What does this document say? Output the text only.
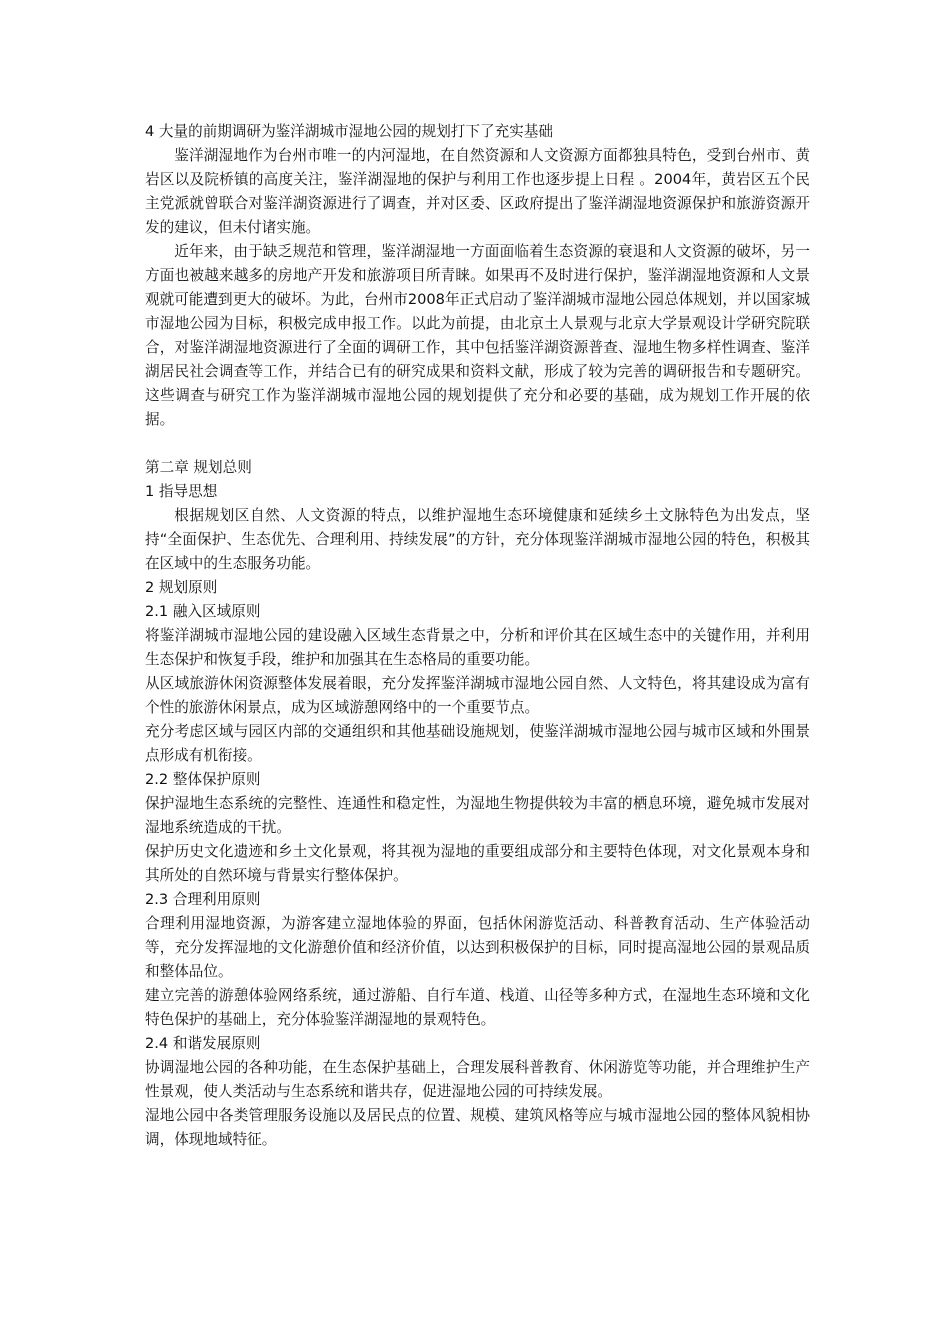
4 大量的前期调研为鉴洋湖城市湿地公园的规划打下了充实基础

鉴洋湖湿地作为台州市唯一的内河湿地，在自然资源和人文资源方面都独具特色，受到台州市、黄岩区以及院桥镇的高度关注，鉴洋湖湿地的保护与利用工作也逐步提上日程 。2004年，黄岩区五个民主党派就曾联合对鉴洋湖资源进行了调查，并对区委、区政府提出了鉴洋湖湿地资源保护和旅游资源开发的建议，但未付诸实施。

近年来，由于缺乏规范和管理，鉴洋湖湿地一方面面临着生态资源的衰退和人文资源的破坏，另一方面也被越来越多的房地产开发和旅游项目所青睐。如果再不及时进行保护，鉴洋湖湿地资源和人文景观就可能遭到更大的破坏。为此，台州市2008年正式启动了鉴洋湖城市湿地公园总体规划，并以国家城市湿地公园为目标，积极完成申报工作。以此为前提，由北京土人景观与北京大学景观设计学研究院联合，对鉴洋湖湿地资源进行了全面的调研工作，其中包括鉴洋湖资源普查、湿地生物多样性调查、鉴洋湖居民社会调查等工作，并结合已有的研究成果和资料文献，形成了较为完善的调研报告和专题研究。这些调查与研究工作为鉴洋湖城市湿地公园的规划提供了充分和必要的基础，成为规划工作开展的依据。

第二章 规划总则

1 指导思想

根据规划区自然、人文资源的特点，以维护湿地生态环境健康和延续乡土文脉特色为出发点，坚持“全面保护、生态优先、合理利用、持续发展”的方针，充分体现鉴洋湖城市湿地公园的特色，积极其在区域中的生态服务功能。

2 规划原则

2.1 融入区域原则

将鉴洋湖城市湿地公园的建设融入区域生态背景之中，分析和评价其在区域生态中的关键作用，并利用生态保护和恢复手段，维护和加强其在生态格局的重要功能。

从区域旅游休闲资源整体发展着眼，充分发挥鉴洋湖城市湿地公园自然、人文特色，将其建设成为富有个性的旅游休闲景点，成为区域游憩网络中的一个重要节点。

充分考虑区域与园区内部的交通组织和其他基础设施规划，使鉴洋湖城市湿地公园与城市区域和外围景点形成有机衔接。

2.2 整体保护原则

保护湿地生态系统的完整性、连通性和稳定性，为湿地生物提供较为丰富的栖息环境，避免城市发展对湿地系统造成的干扰。

保护历史文化遗迹和乡土文化景观，将其视为湿地的重要组成部分和主要特色体现，对文化景观本身和其所处的自然环境与背景实行整体保护。

2.3 合理利用原则

合理利用湿地资源，为游客建立湿地体验的界面，包括休闲游览活动、科普教育活动、生产体验活动等，充分发挥湿地的文化游憩价值和经济价值，以达到积极保护的目标，同时提高湿地公园的景观品质和整体品位。

建立完善的游憩体验网络系统，通过游船、自行车道、栈道、山径等多种方式，在湿地生态环境和文化特色保护的基础上，充分体验鉴洋湖湿地的景观特色。

2.4 和谐发展原则

协调湿地公园的各种功能，在生态保护基础上，合理发展科普教育、休闲游览等功能，并合理维护生产性景观，使人类活动与生态系统和谐共存，促进湿地公园的可持续发展。

湿地公园中各类管理服务设施以及居民点的位置、规模、建筑风格等应与城市湿地公园的整体风貌相协调，体现地域特征。
